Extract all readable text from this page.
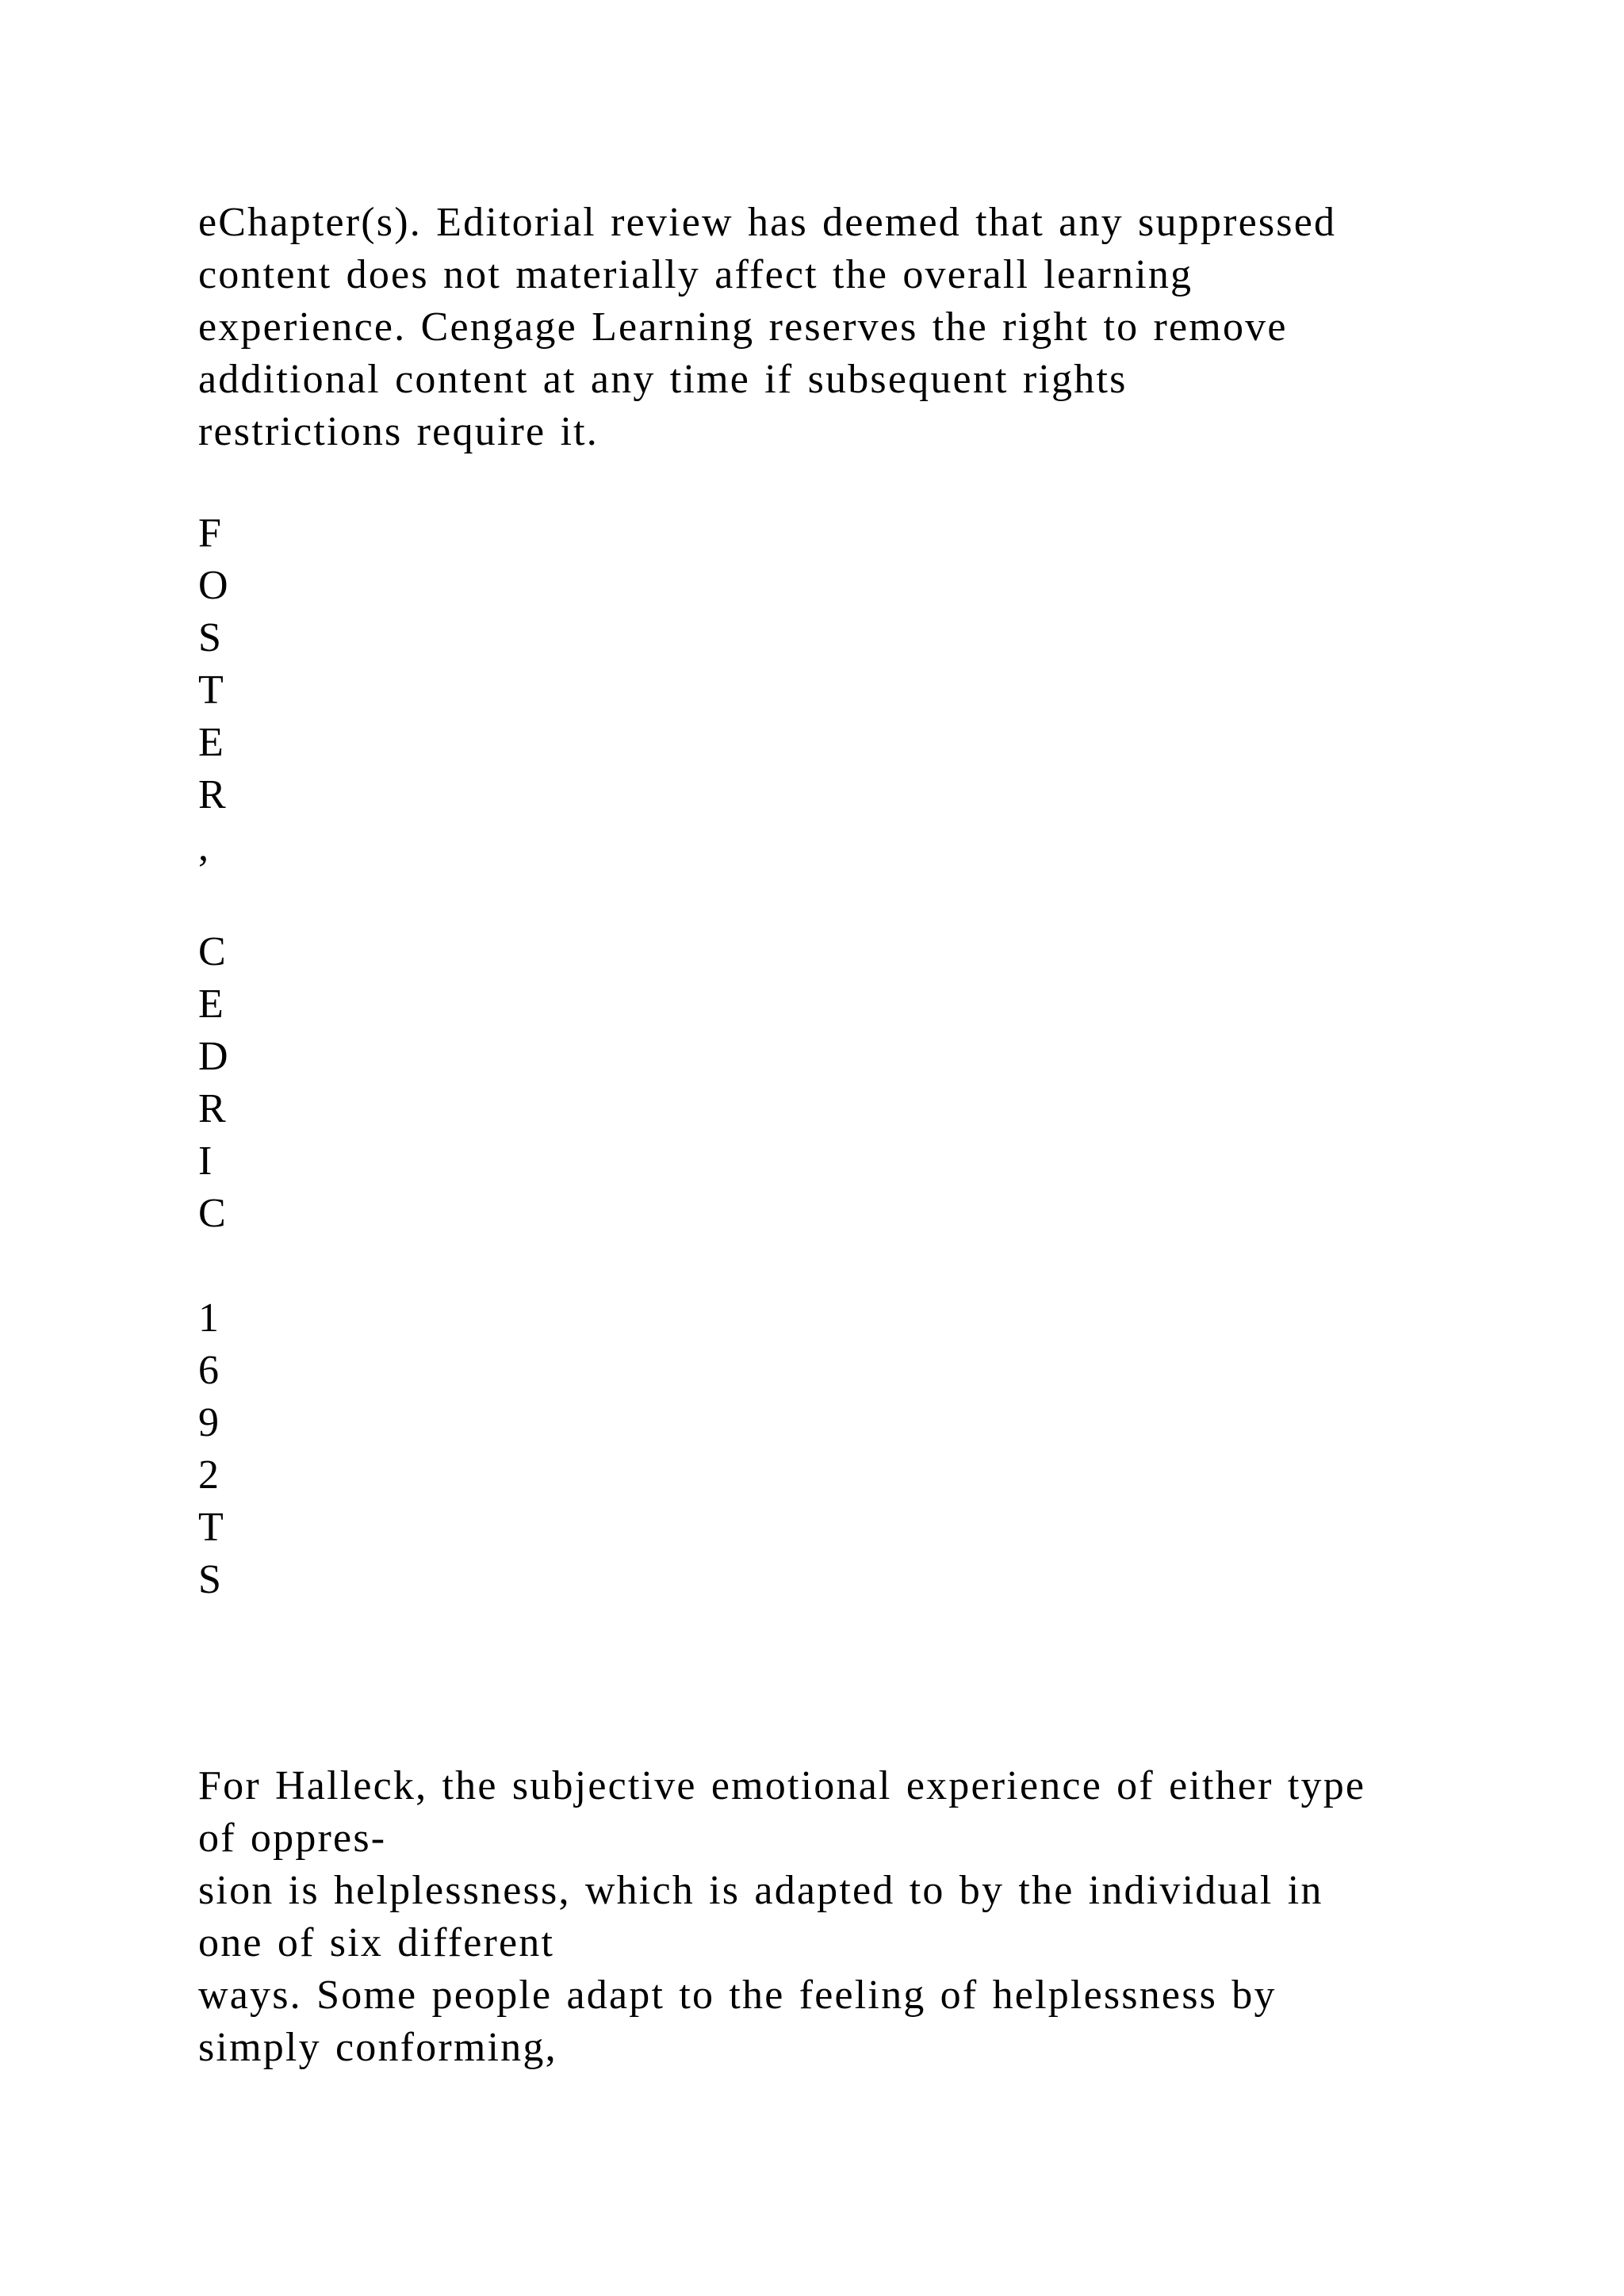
eChapter(s). Editorial review has deemed that any suppressed
content does not materially affect the overall learning
experience. Cengage Learning reserves the right to remove
additional content at any time if subsequent rights
restrictions require it.
F
O
S
T
E
R
,
C
E
D
R
I
C
1
6
9
2
T
S
For Halleck, the subjective emotional experience of either type
of oppres-
sion is helplessness, which is adapted to by the individual in
one of six different
ways. Some people adapt to the feeling of helplessness by
simply conforming,
